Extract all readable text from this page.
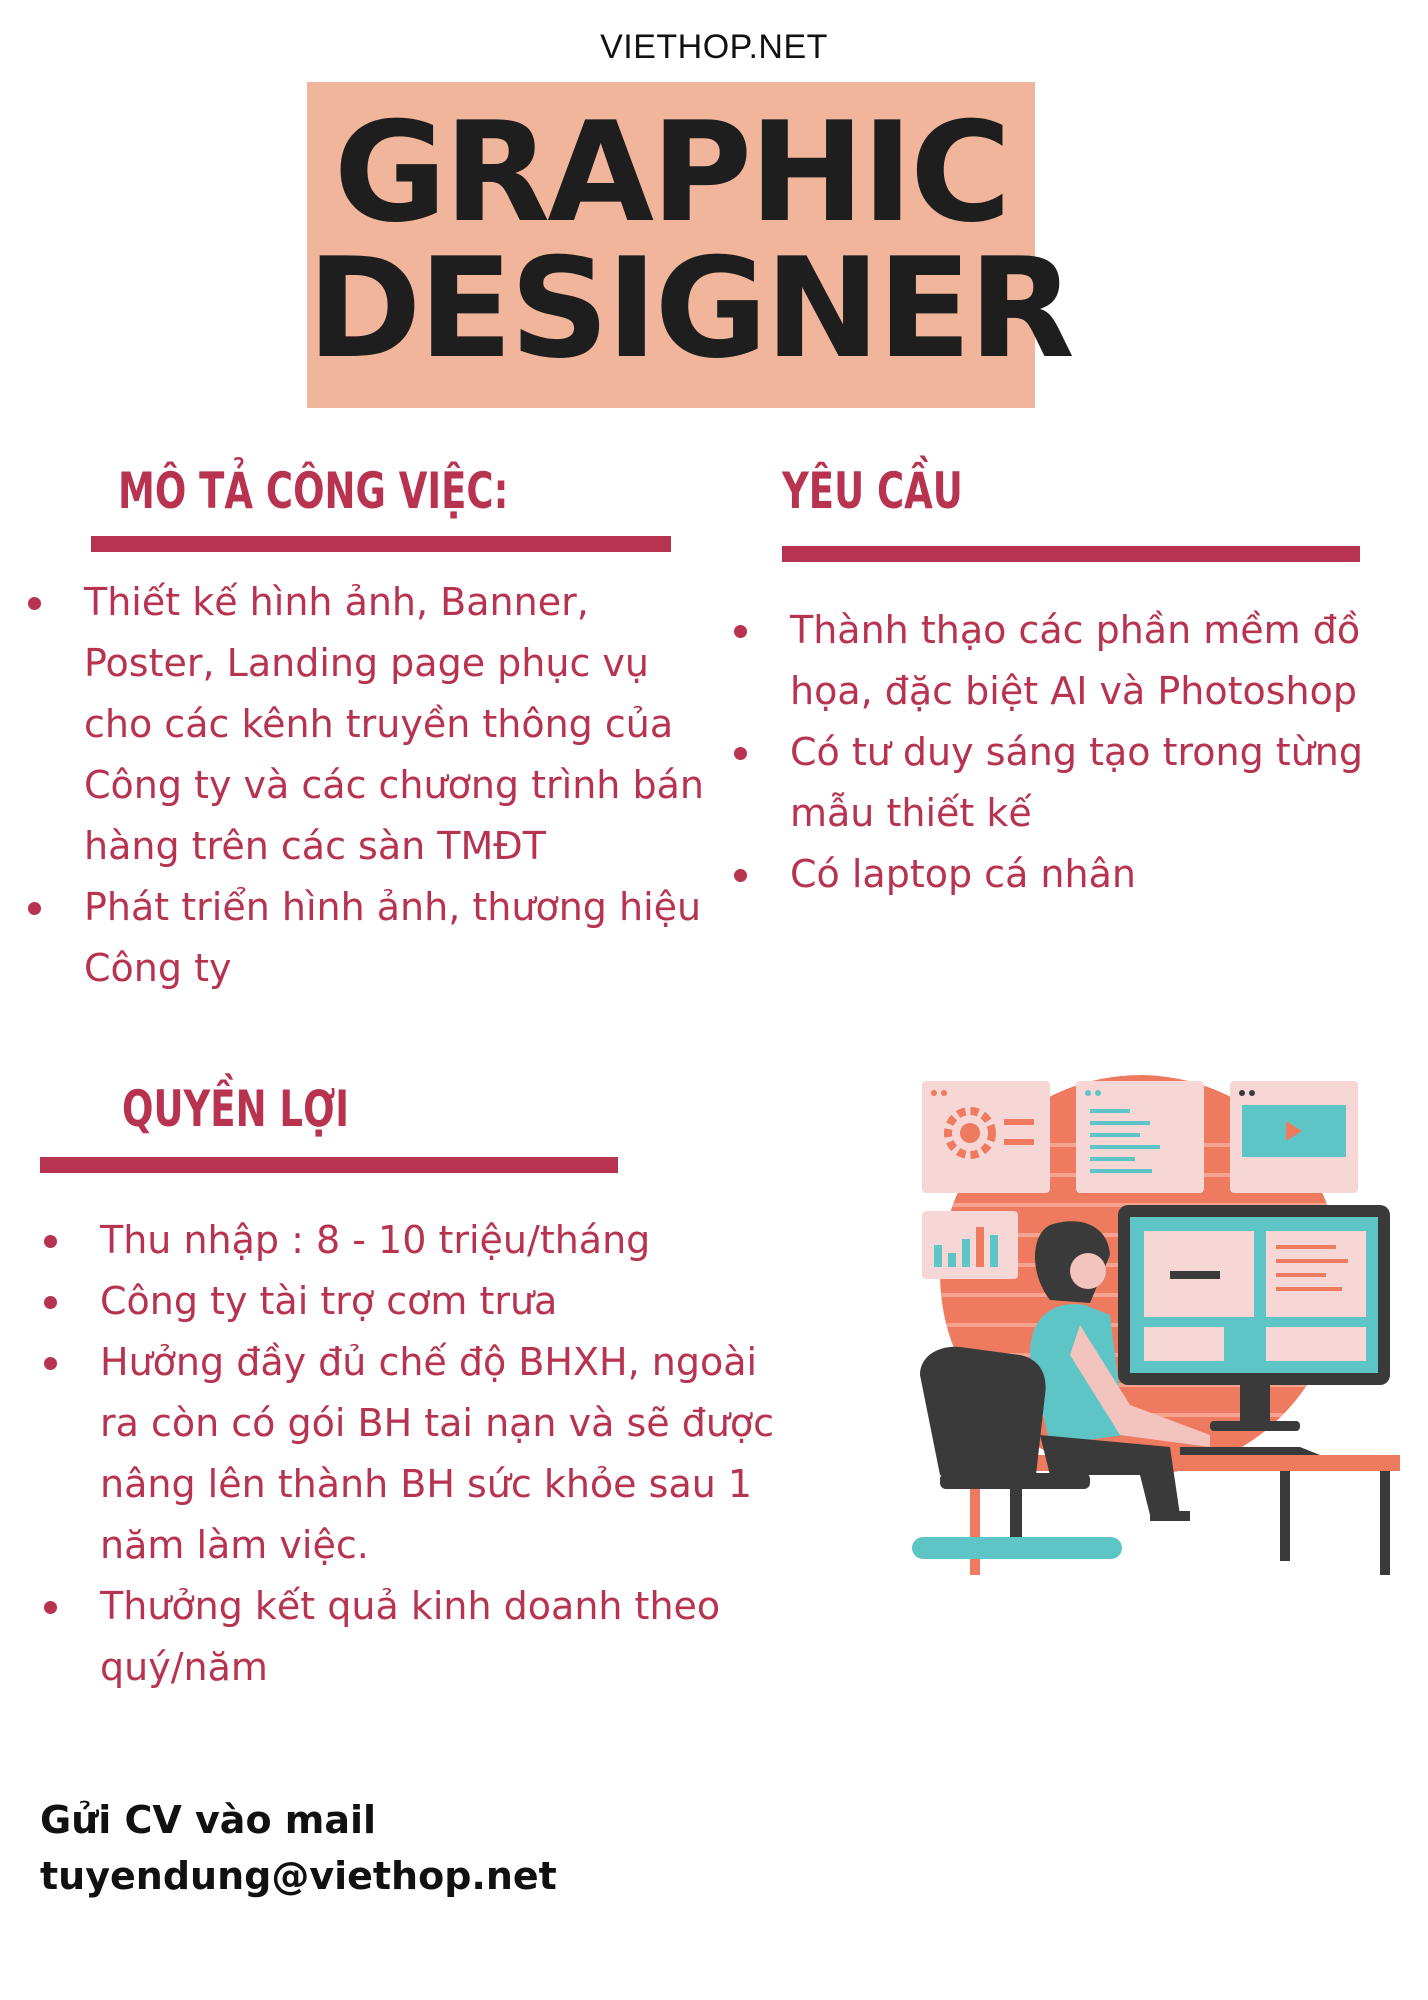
VIETHOP.NET
GRAPHIC
DESIGNER
MÔ TẢ CÔNG VIỆC:
Thiết kế hình ảnh, Banner, Poster, Landing page phục vụ cho các kênh truyền thông của Công ty và các chương trình bán hàng trên các sàn TMĐT
Phát triển hình ảnh, thương hiệu Công ty
YÊU CẦU
Thành thạo các phần mềm đồ họa, đặc biệt AI và Photoshop
Có tư duy sáng tạo trong từng mẫu thiết kế
Có laptop cá nhân
QUYỀN LỢI
Thu nhập : 8 - 10 triệu/tháng
Công ty tài trợ cơm trưa
Hưởng đầy đủ chế độ BHXH, ngoài ra còn có gói BH tai nạn và sẽ được nâng lên thành BH sức khỏe sau 1 năm làm việc.
Thưởng kết quả kinh doanh theo quý/năm
Gửi CV vào mail
tuyendung@viethop.net
